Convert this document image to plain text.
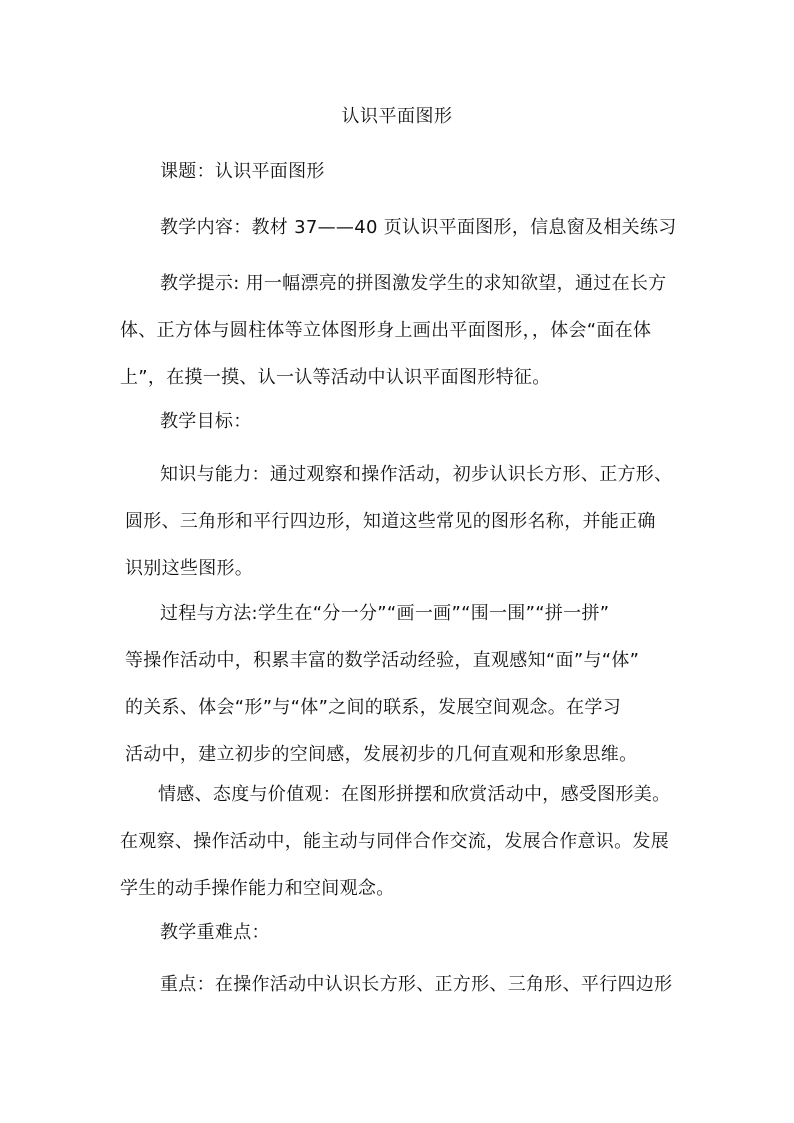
认识平面图形
课题：认识平面图形
教学内容：教材 37——40 页认识平面图形，信息窗及相关练习
教学提示: 用一幅漂亮的拼图激发学生的求知欲望，通过在长方
体、正方体与圆柱体等立体图形身上画出平面图形，，体会“面在体
上”，在摸一摸、认一认等活动中认识平面图形特征。
教学目标：
知识与能力：通过观察和操作活动，初步认识长方形、正方形、
圆形、三角形和平行四边形，知道这些常见的图形名称，并能正确
识别这些图形。
过程与方法:学生在“分一分”“画一画”“围一围”“拼一拼”
等操作活动中，积累丰富的数学活动经验，直观感知“面”与“体”
的关系、体会“形”与“体”之间的联系，发展空间观念。在学习
活动中，建立初步的空间感，发展初步的几何直观和形象思维。
情感、态度与价值观：在图形拼摆和欣赏活动中，感受图形美。
在观察、操作活动中，能主动与同伴合作交流，发展合作意识。发展
学生的动手操作能力和空间观念。
教学重难点：
重点：在操作活动中认识长方形、正方形、三角形、平行四边形
